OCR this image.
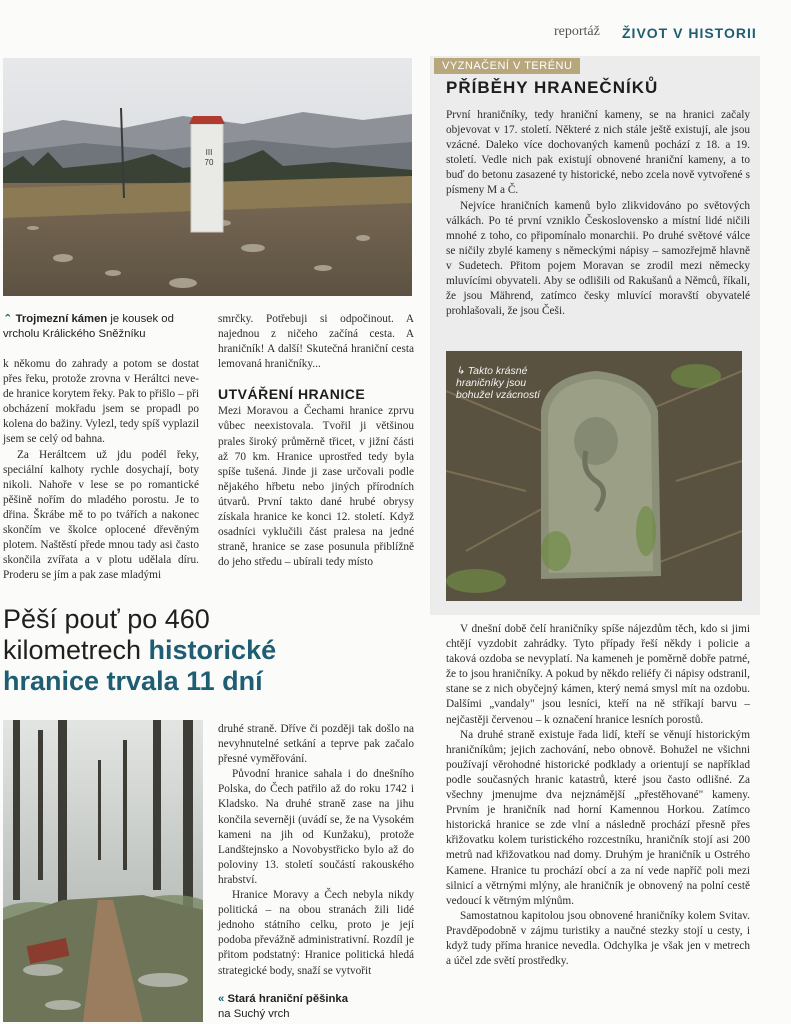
reportáž ŽIVOT V HISTORII
III
70
⌃ Trojmezní kámen je kousek od vrcholu Králického Sněžníku

k někomu do zahrady a potom se dostat přes řeku, protože zrovna v Heráltci neve- de hranice korytem řeky. Pak to přišlo – při obcházení mokřadu jsem se propadl po kolena do bažiny. Vylezl, tedy spíš vyplazil jsem se celý od bahna.

Za Heráltcem už jdu podél řeky, speciální kalhoty rychle dosychají, boty nikoli. Nahoře v lese se po romantické pěšině nořím do mladého porostu. Je to dřina. Škrábe mě to po tvářích a nakonec skončím ve školce oplocené dřevěným plotem. Naštěstí přede mnou tady asi často skončila zvířata a v plotu udělala díru. Proderu se jím a pak zase mladými

smrčky. Potřebuji si odpočinout. A najednou z ničeho začíná cesta. A hraničník! A další! Skutečná hraniční cesta lemovaná hraničníky...

UTVÁŘENÍ HRANICE

Mezi Moravou a Čechami hranice zprvu vůbec neexistovala. Tvořil ji většinou prales široký průměrně třicet, v jižní části až 70 km. Hranice uprostřed tedy byla spíše tušená. Jinde ji zase určovali podle nějakého hřbetu nebo jiných přírodních útvarů. První takto dané hrubé obrysy získala hranice ke konci 12. století. Když osadníci vyklučili část pralesa na jedné straně, hranice se zase posunula přiblížně do jeho středu – ubírali tedy místo

Pěší pouť po 460
kilometrech historické
hranice trvala 11 dní

druhé straně. Dříve či později tak došlo na nevyhnutelné setkání a teprve pak začalo přesné vyměřování.

Původní hranice sahala i do dnešního Polska, do Čech patřilo až do roku 1742 i Kladsko. Na druhé straně zase na jihu končila severněji (uvádí se, že na Vysokém kameni na jih od Kunžaku), protože Landštejnsko a Novobystřicko bylo až do poloviny 13. století součástí rakouského hrabství.

Hranice Moravy a Čech nebyla nikdy politická – na obou stranách žili lidé jednoho státního celku, proto je její podoba převážně administrativní. Rozdíl je přitom podstatný: Hranice politická hledá strategické body, snaží se vytvořit

« Stará hraniční pěšinka
na Suchý vrch
VYZNAČENÍ V TERÉNU
PŘÍBĚHY HRANEČNÍKŮ

První hraničníky, tedy hraniční kameny, se na hranici začaly objevovat v 17. století. Některé z nich stále ještě existují, ale jsou vzácné. Daleko více dochovaných kamenů pochází z 18. a 19. století. Vedle nich pak existují obnovené hraniční kameny, a to buď do betonu zasazené ty historické, nebo zcela nově vytvořené s písmeny M a Č.

Nejvíce hraničních kamenů bylo zlikvidováno po světových válkách. Po té první vzniklo Československo a místní lidé ničili mnohé z toho, co připomínalo monarchii. Po druhé světové válce se ničily zbylé kameny s německými nápisy – samozřejmě hlavně v Sudetech. Přitom pojem Moravan se zrodil mezi německy mluvícími obyvateli. Aby se odlišili od Rakušanů a Němců, říkali, že jsou Mährend, zatímco česky mluvící moravští obyvatelé prohlašovali, že jsou Češi.

↳ Takto krásné hraničníky jsou bohužel vzácností

V dnešní době čelí hraničníky spíše nájezdům těch, kdo si jimi chtějí vyzdobit zahrádky. Tyto případy řeší někdy i policie a taková ozdoba se nevyplatí. Na kameneh je poměrně dobře patrné, že to jsou hraničníky. A pokud by někdo reliéfy či nápisy odstranil, stane se z nich obyčejný kámen, který nemá smysl mít na ozdobu. Dalšími „vandaly" jsou lesníci, kteří na ně stříkají barvu – nejčastěji červenou – k označení hranice lesních porostů.

Na druhé straně existuje řada lidí, kteří se věnují historickým hraničníkům; jejich zachování, nebo obnově. Bohužel ne všichni používají věrohodné historické podklady a orientují se například podle současných hranic katastrů, které jsou často odlišné. Za všechny jmenujme dva nejznámější „přestěhované" kameny. Prvním je hraničník nad horní Kamennou Horkou. Zatímco historická hranice se zde vlní a následně prochází přesně přes křižovatku kolem turistického rozcestníku, hraničník stojí asi 200 metrů nad křižovatkou nad domy. Druhým je hraničník u Ostrého Kamene. Hranice tu prochází obcí a za ní vede napříč poli mezi silnicí a větrnými mlýny, ale hraničník je obnovený na polní cestě vedoucí k větrným mlýnům.

Samostatnou kapitolou jsou obnovené hraničníky kolem Svitav. Pravděpodobně v zájmu turistiky a naučné stezky stojí u cesty, i když tudy příma hranice nevedla. Odchylka je však jen v metrech a účel zde světí prostředky.
